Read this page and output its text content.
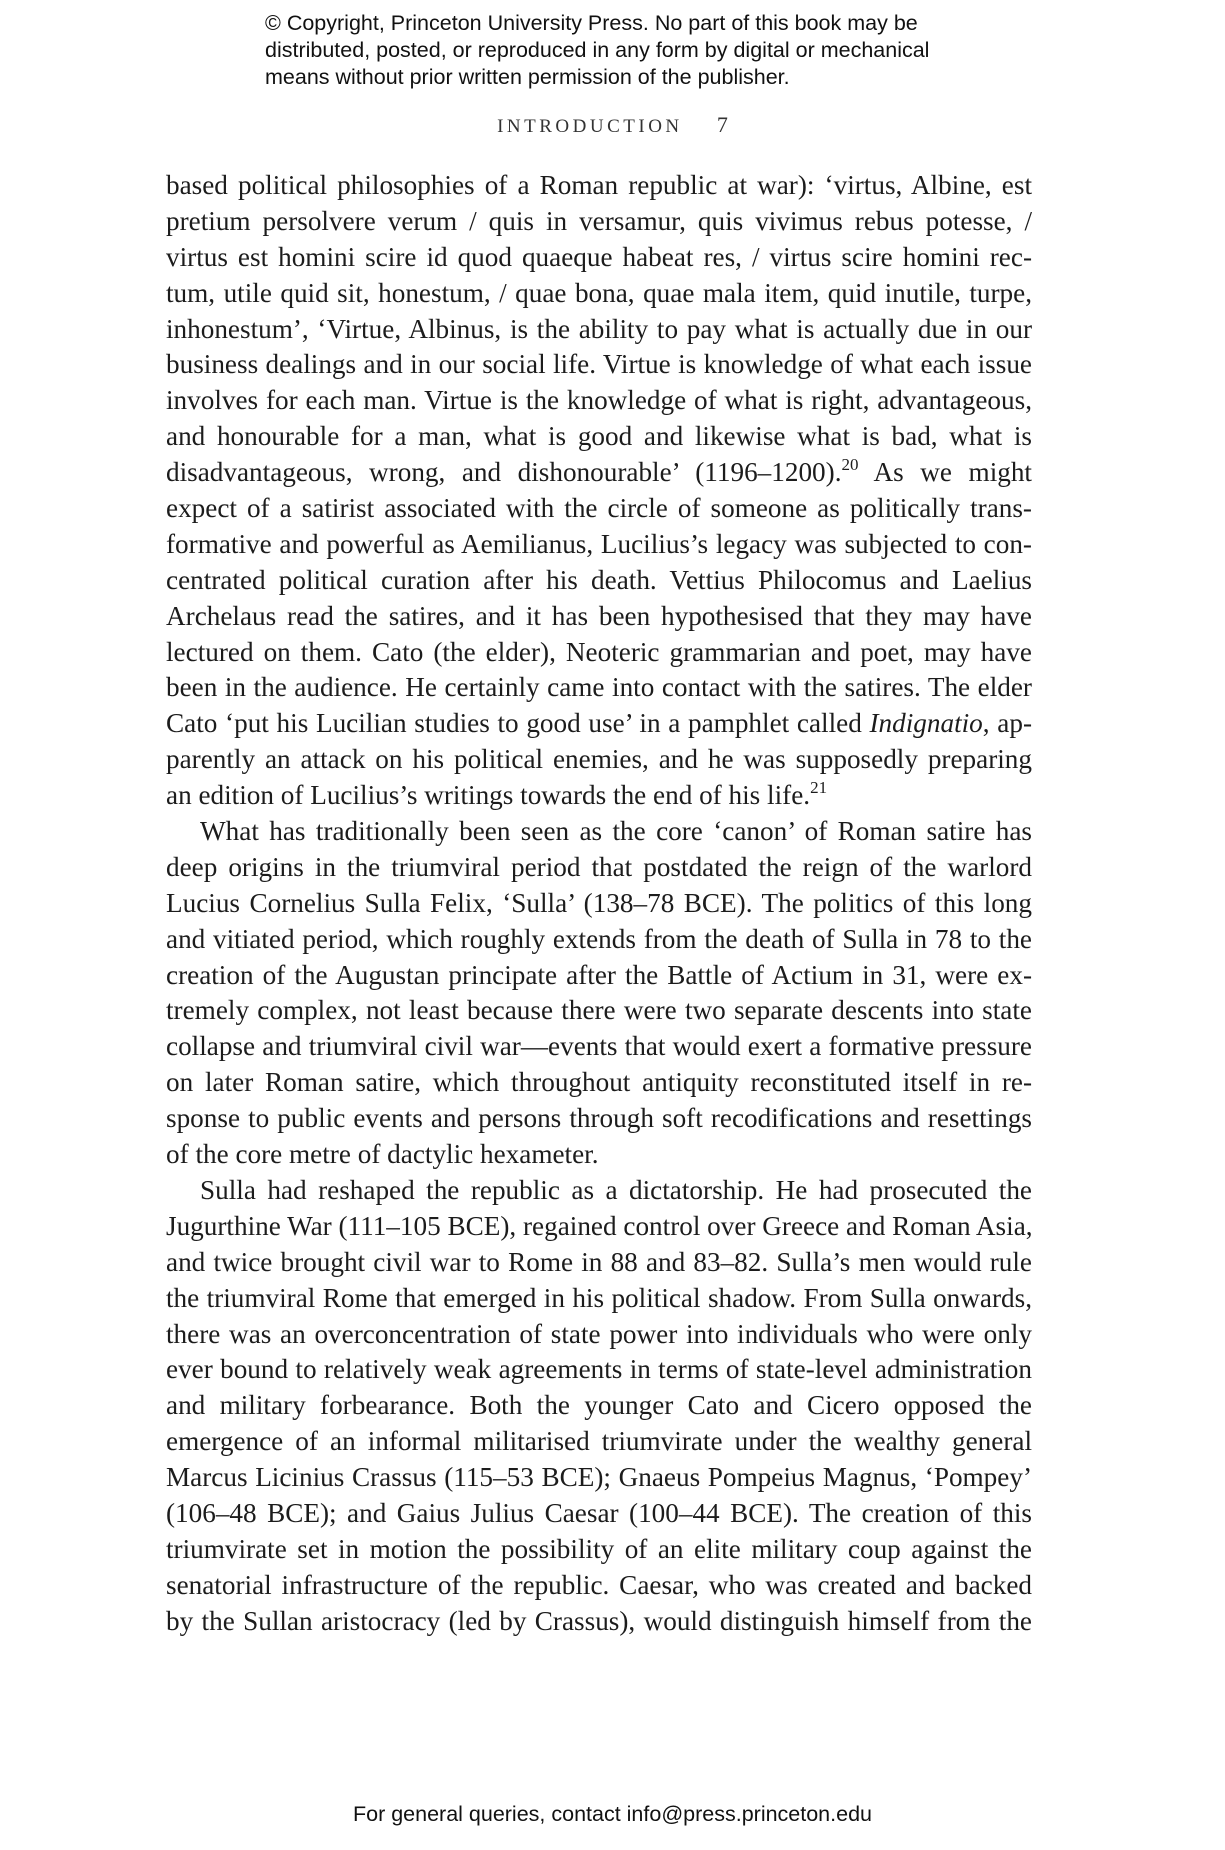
© Copyright, Princeton University Press. No part of this book may be
distributed, posted, or reproduced in any form by digital or mechanical
means without prior written permission of the publisher.
INTRODUCTION 7
based political philosophies of a Roman republic at war): ‘virtus, Albine, est
pretium persolvere verum / quis in versamur, quis vivimus rebus potesse, /
virtus est homini scire id quod quaeque habeat res, / virtus scire homini rec-
tum, utile quid sit, honestum, / quae bona, quae mala item, quid inutile, turpe,
inhonestum’, ‘Virtue, Albinus, is the ability to pay what is actually due in our
business dealings and in our social life. Virtue is knowledge of what each issue
involves for each man. Virtue is the knowledge of what is right, advantageous,
and honourable for a man, what is good and likewise what is bad, what is
disadvantageous, wrong, and dishonourable’ (1196–1200).$^{20}$ As we might
expect of a satirist associated with the circle of someone as politically trans-
formative and powerful as Aemilianus, Lucilius’s legacy was subjected to con-
centrated political curation after his death. Vettius Philocomus and Laelius
Archelaus read the satires, and it has been hypothesised that they may have
lectured on them. Cato (the elder), Neoteric grammarian and poet, may have
been in the audience. He certainly came into contact with the satires. The elder
Cato ‘put his Lucilian studies to good use’ in a pamphlet called Indignatio, ap-
parently an attack on his political enemies, and he was supposedly preparing
an edition of Lucilius’s writings towards the end of his life.$^{21}$
What has traditionally been seen as the core ‘canon’ of Roman satire has
deep origins in the triumviral period that postdated the reign of the warlord
Lucius Cornelius Sulla Felix, ‘Sulla’ (138–78 BCE). The politics of this long
and vitiated period, which roughly extends from the death of Sulla in 78 to the
creation of the Augustan principate after the Battle of Actium in 31, were ex-
tremely complex, not least because there were two separate descents into state
collapse and triumviral civil war—events that would exert a formative pressure
on later Roman satire, which throughout antiquity reconstituted itself in re-
sponse to public events and persons through soft recodifications and resettings
of the core metre of dactylic hexameter.
Sulla had reshaped the republic as a dictatorship. He had prosecuted the
Jugurthine War (111–105 BCE), regained control over Greece and Roman Asia,
and twice brought civil war to Rome in 88 and 83–82. Sulla’s men would rule
the triumviral Rome that emerged in his political shadow. From Sulla onwards,
there was an overconcentration of state power into individuals who were only
ever bound to relatively weak agreements in terms of state-level administration
and military forbearance. Both the younger Cato and Cicero opposed the
emergence of an informal militarised triumvirate under the wealthy general
Marcus Licinius Crassus (115–53 BCE); Gnaeus Pompeius Magnus, ‘Pompey’
(106–48 BCE); and Gaius Julius Caesar (100–44 BCE). The creation of this
triumvirate set in motion the possibility of an elite military coup against the
senatorial infrastructure of the republic. Caesar, who was created and backed
by the Sullan aristocracy (led by Crassus), would distinguish himself from the
For general queries, contact info@press.princeton.edu
